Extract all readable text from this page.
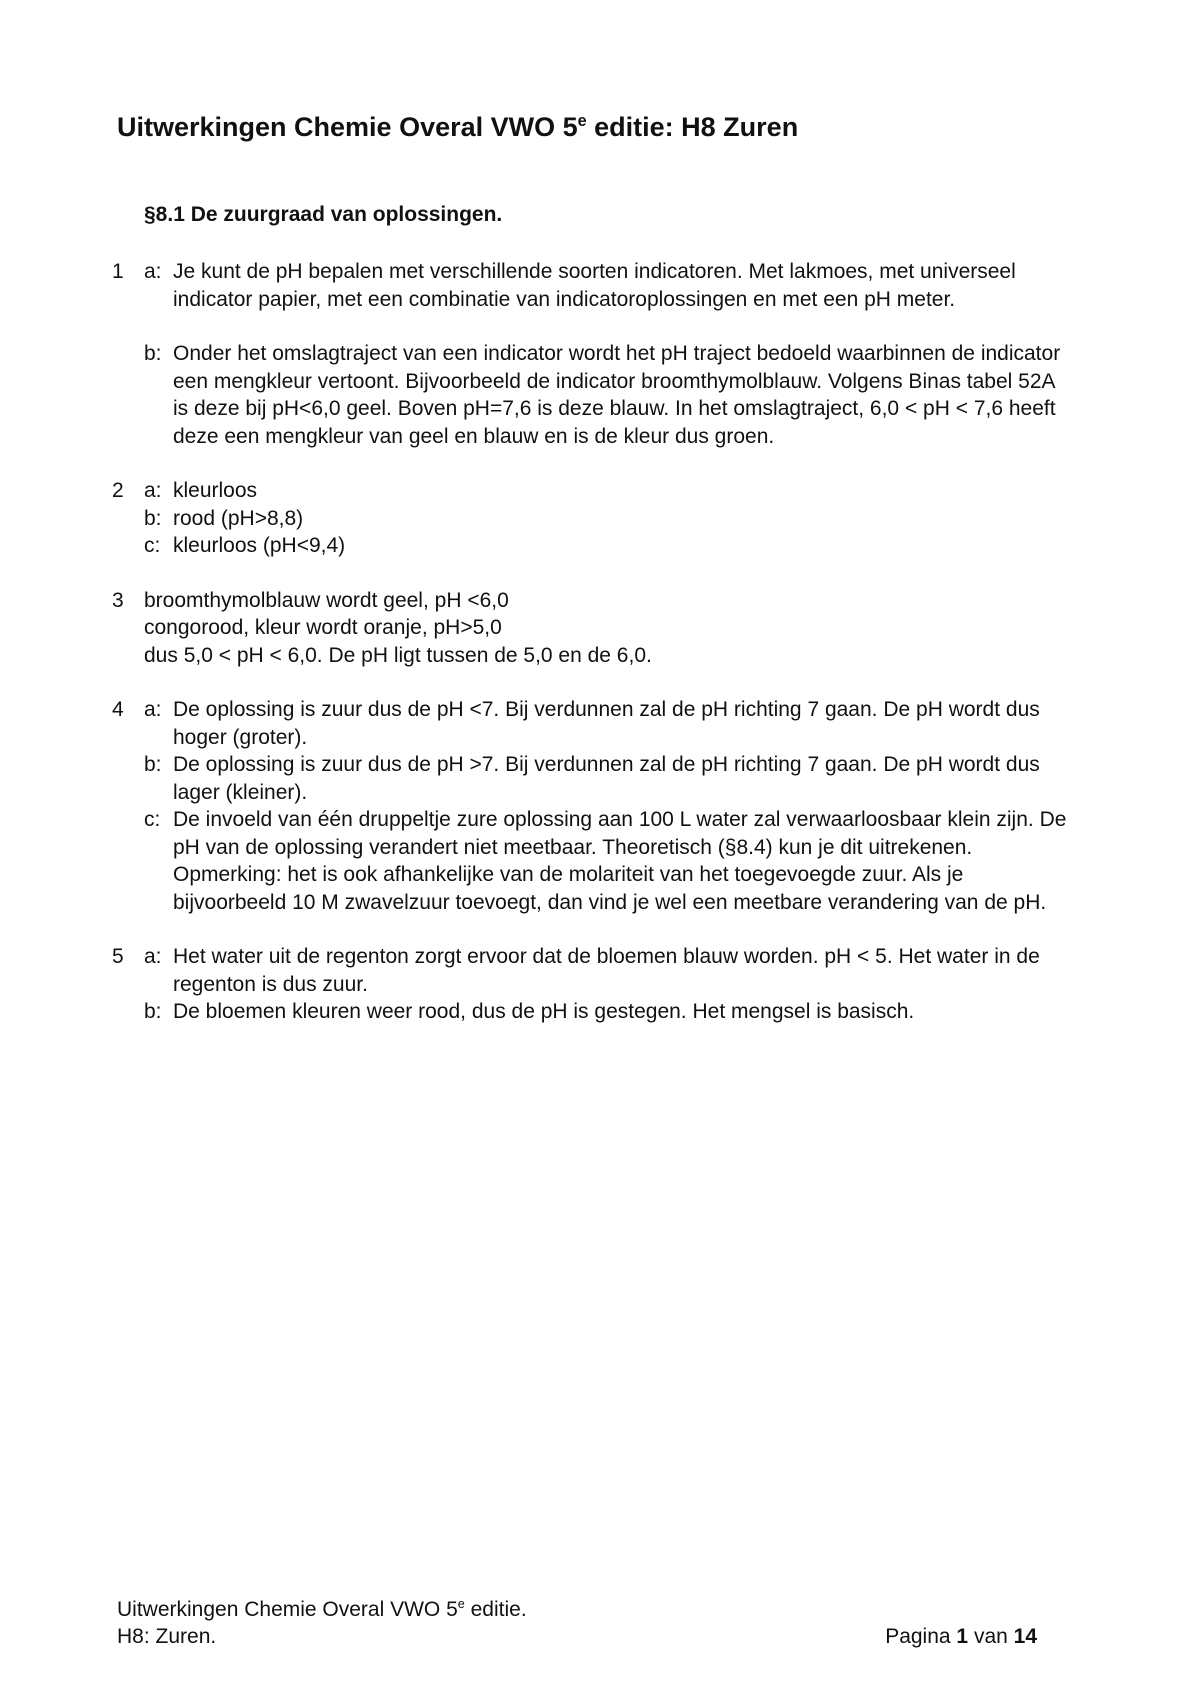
Uitwerkingen Chemie Overal VWO 5e editie: H8 Zuren
§8.1 De zuurgraad van oplossingen.
1 a: Je kunt de pH bepalen met verschillende soorten indicatoren. Met lakmoes, met universeel indicator papier, met een combinatie van indicatoroplossingen en met een pH meter.
b: Onder het omslagtraject van een indicator wordt het pH traject bedoeld waarbinnen de indicator een mengkleur vertoont. Bijvoorbeeld de indicator broomthymolblauw. Volgens Binas tabel 52A is deze bij pH<6,0 geel. Boven pH=7,6 is deze blauw. In het omslagtraject, 6,0 < pH < 7,6 heeft deze een mengkleur van geel en blauw en is de kleur dus groen.
2 a: kleurloos
b: rood (pH>8,8)
c: kleurloos (pH<9,4)
3 broomthymolblauw wordt geel, pH <6,0

congorood, kleur wordt oranje, pH>5,0

dus 5,0 < pH < 6,0. De pH ligt tussen de 5,0 en de 6,0.

4 a: De oplossing is zuur dus de pH <7. Bij verdunnen zal de pH richting 7 gaan. De pH wordt dus hoger (groter).
b: De oplossing is zuur dus de pH >7. Bij verdunnen zal de pH richting 7 gaan. De pH wordt dus lager (kleiner).
c: De invoeld van één druppeltje zure oplossing aan 100 L water zal verwaarloosbaar klein zijn. De pH van de oplossing verandert niet meetbaar. Theoretisch (§8.4) kun je dit uitrekenen.

Opmerking: het is ook afhankelijke van de molariteit van het toegevoegde zuur. Als je bijvoorbeeld 10 M zwavelzuur toevoegt, dan vind je wel een meetbare verandering van de pH.

5 a: Het water uit de regenton zorgt ervoor dat de bloemen blauw worden. pH < 5. Het water in de regenton is dus zuur.
b: De bloemen kleuren weer rood, dus de pH is gestegen. Het mengsel is basisch.
Uitwerkingen Chemie Overal VWO 5e editie.
H8: Zuren.	Pagina 1 van 14
